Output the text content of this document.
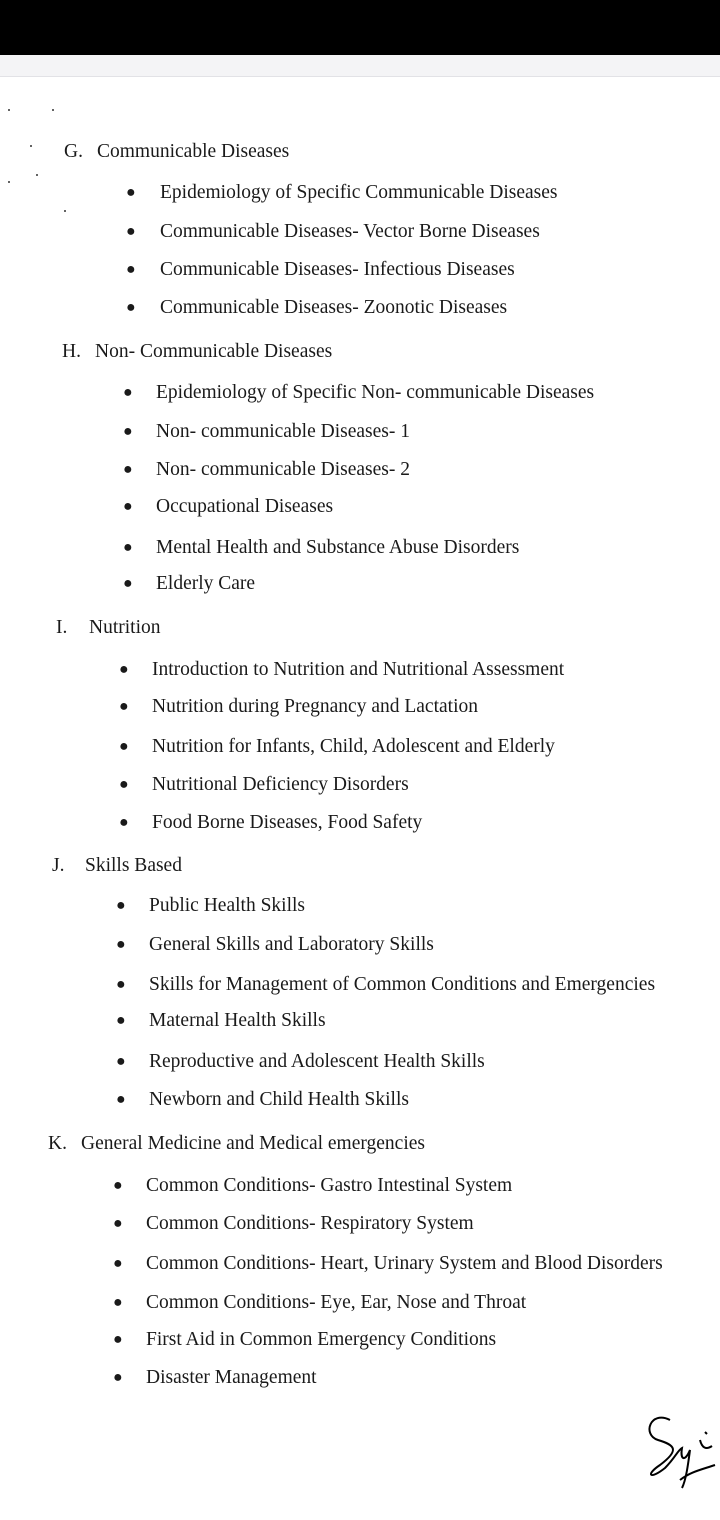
G. Communicable Diseases
● Epidemiology of Specific Communicable Diseases
● Communicable Diseases- Vector Borne Diseases
● Communicable Diseases- Infectious Diseases
● Communicable Diseases- Zoonotic Diseases
H. Non- Communicable Diseases
● Epidemiology of Specific Non- communicable Diseases
● Non- communicable Diseases- 1
● Non- communicable Diseases- 2
● Occupational Diseases
● Mental Health and Substance Abuse Disorders
● Elderly Care
I. Nutrition
● Introduction to Nutrition and Nutritional Assessment
● Nutrition during Pregnancy and Lactation
● Nutrition for Infants, Child, Adolescent and Elderly
● Nutritional Deficiency Disorders
● Food Borne Diseases, Food Safety
J. Skills Based
● Public Health Skills
● General Skills and Laboratory Skills
● Skills for Management of Common Conditions and Emergencies
● Maternal Health Skills
● Reproductive and Adolescent Health Skills
● Newborn and Child Health Skills
K. General Medicine and Medical emergencies
● Common Conditions- Gastro Intestinal System
● Common Conditions- Respiratory System
● Common Conditions- Heart, Urinary System and Blood Disorders
● Common Conditions- Eye, Ear, Nose and Throat
● First Aid in Common Emergency Conditions
● Disaster Management
